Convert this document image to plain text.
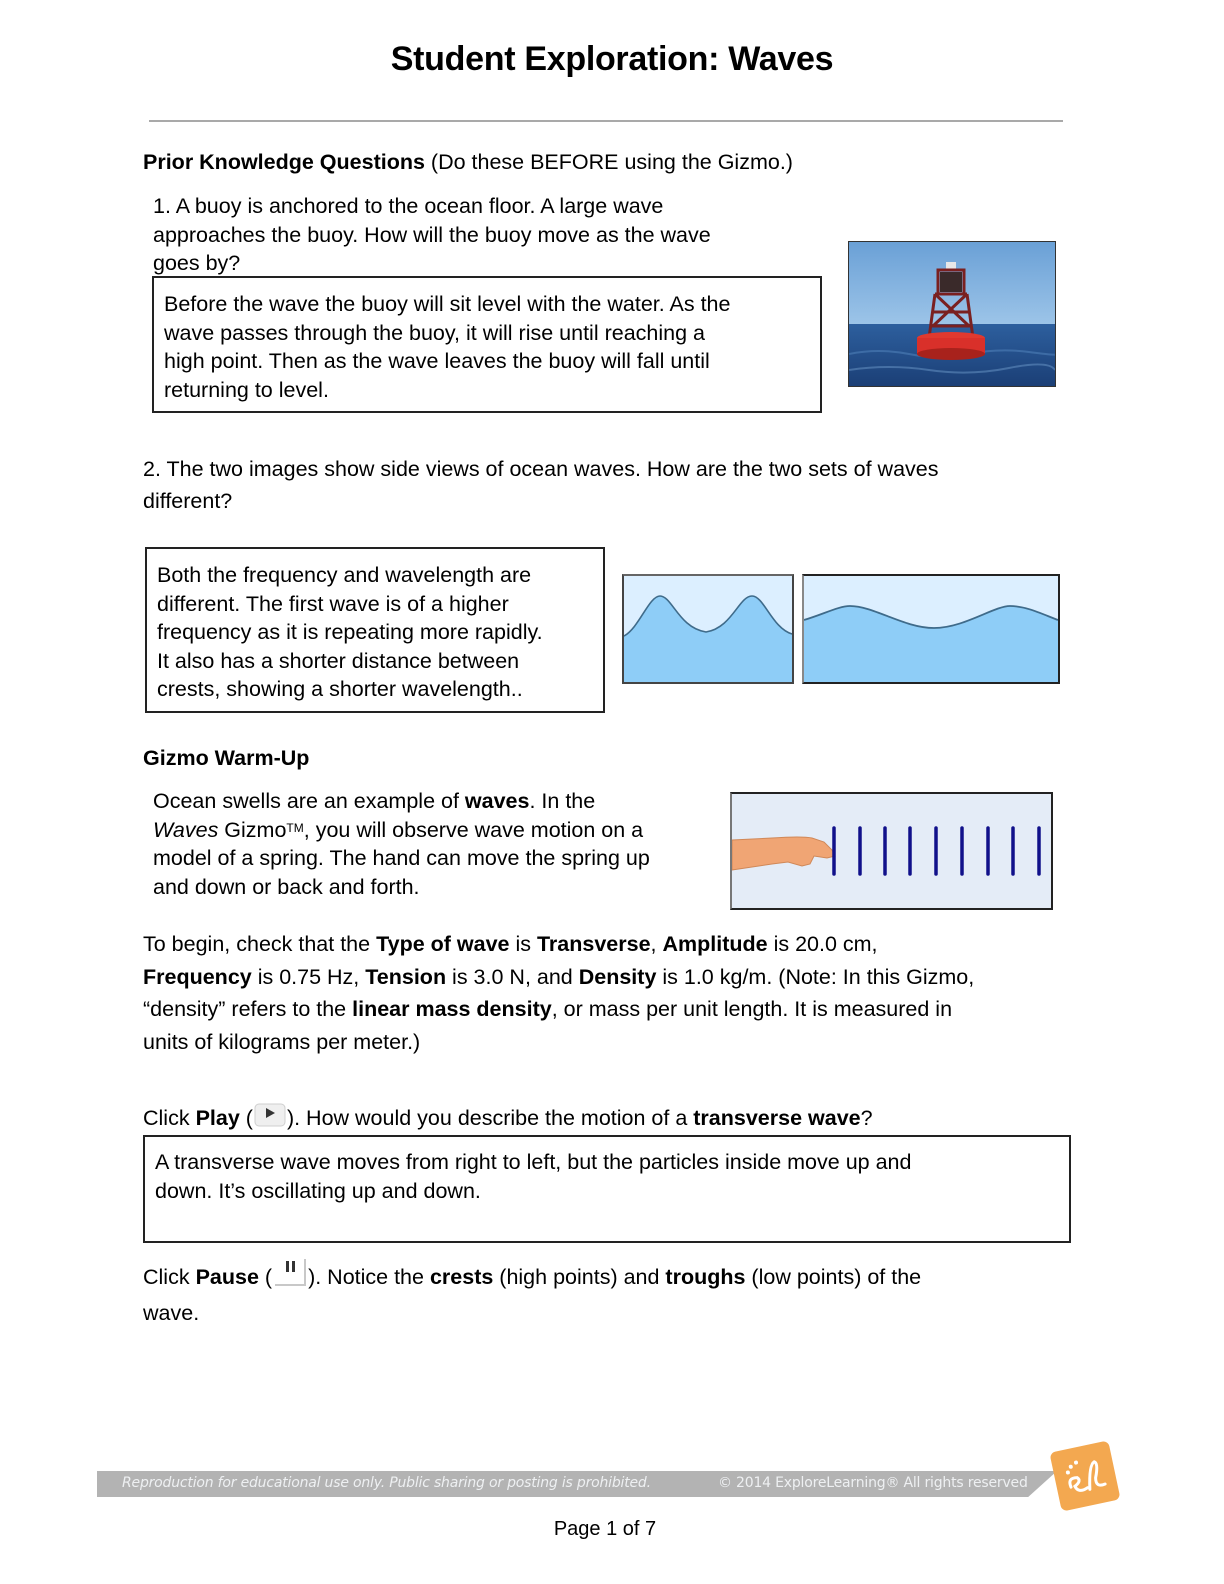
Student Exploration: Waves
Prior Knowledge Questions (Do these BEFORE using the Gizmo.)
1. A buoy is anchored to the ocean floor. A large wave
approaches the buoy. How will the buoy move as the wave
goes by?
Before the wave the buoy will sit level with the water. As the
wave passes through the buoy, it will rise until reaching a
high point. Then as the wave leaves the buoy will fall until
returning to level.
2. The two images show side views of ocean waves. How are the two sets of waves
different?
Both the frequency and wavelength are
different. The first wave is of a higher
frequency as it is repeating more rapidly.
It also has a shorter distance between
crests, showing a shorter wavelength..
Gizmo Warm-Up
Ocean swells are an example of waves. In the
Waves Gizmo™, you will observe wave motion on a
model of a spring. The hand can move the spring up
and down or back and forth.
To begin, check that the Type of wave is Transverse, Amplitude is 20.0 cm,
Frequency is 0.75 Hz, Tension is 3.0 N, and Density is 1.0 kg/m. (Note: In this Gizmo,
“density” refers to the linear mass density, or mass per unit length. It is measured in
units of kilograms per meter.)
Click Play ( ). How would you describe the motion of a transverse wave?
A transverse wave moves from right to left, but the particles inside move up and
down. It’s oscillating up and down.
Click Pause ( ). Notice the crests (high points) and troughs (low points) of the
wave.
Reproduction for educational use only. Public sharing or posting is prohibited.	© 2014 ExploreLearning® All rights reserved
Page 1 of 7
